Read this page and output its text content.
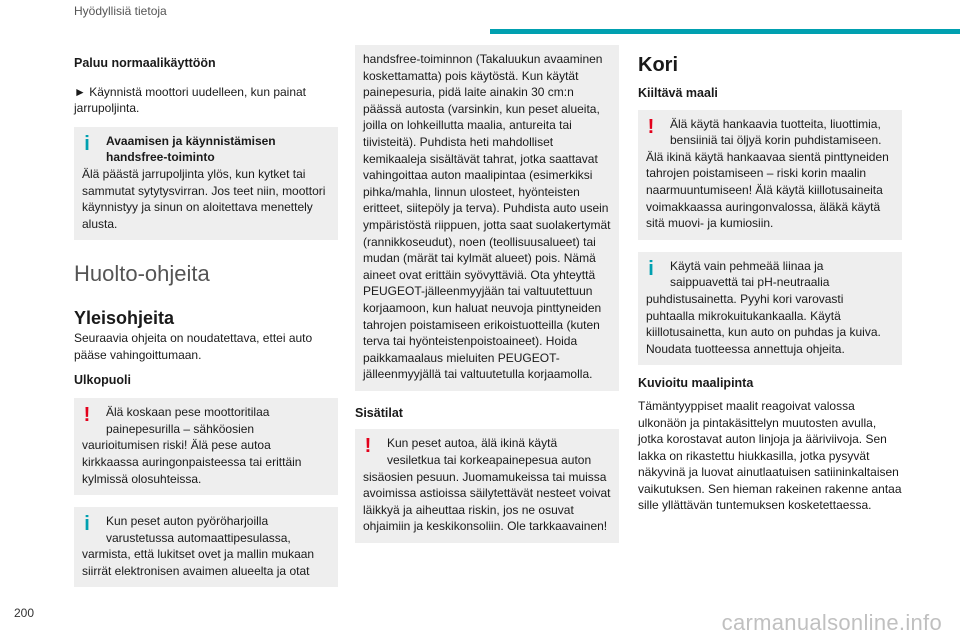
Hyödyllisiä tietoja

Paluu normaalikäyttöön

► Käynnistä moottori uudelleen, kun painat jarrupoljinta.

i	Avaamisen ja käynnistämisen
handsfree-toiminto

Älä päästä jarrupoljinta ylös, kun kytket tai sammutat sytytysvirran. Jos teet niin, moottori käynnistyy ja sinun on aloitettava menettely alusta.

Huolto-ohjeita

Yleisohjeita

Seuraavia ohjeita on noudatettava, ettei auto pääse vahingoittumaan.

Ulkopuoli

!	Älä koskaan pese moottoritilaa
painepesurilla – sähköosien

vaurioitumisen riski! Älä pese autoa kirkkaassa auringonpaisteessa tai erittäin kylmissä olosuhteissa.

i	Kun peset auton pyöröharjoilla
varustetussa automaattipesulassa,

varmista, että lukitset ovet ja mallin mukaan siirrät elektronisen avaimen alueelta ja otat

handsfree-toiminnon (Takaluukun avaaminen koskettamatta) pois käytöstä. Kun käytät painepesuria, pidä laite ainakin 30 cm:n päässä autosta (varsinkin, kun peset alueita, joilla on lohkeilluttа maalia, antureita tai tiivisteitä). Puhdista heti mahdolliset kemikaaleja sisältävät tahrat, jotka saattavat vahingoittaa auton maalipintaa (esimerkiksi pihka/mahla, linnun ulosteet, hyönteisten eritteet, siitepöly ja terva). Puhdista auto usein ympäristöstä riippuen, jotta saat suolakertymät (rannikkoseudut), noen (teollisuusalueet) tai mudan (märät tai kylmät alueet) pois. Nämä aineet ovat erittäin syövyttäviä. Ota yhteyttä PEUGEOT-jälleenmyyjään tai valtuutettuun korjaamoon, kun haluat neuvoja pinttyneiden tahrojen poistamiseen erikoistuotteilla (kuten terva tai hyönteistenpoistoaineet). Hoida paikkamaalaus mieluiten PEUGEOT-jälleenmyyjällä tai valtuutetulla korjaamolla.

Sisätilat

!	Kun peset autoa, älä ikinä käytä
vesiletkua tai korkeapainepesua auton

sisäosien pesuun. Juomamukeissa tai muissa avoimissa astioissa säilytettävät nesteet voivat läikkyä ja aiheuttaa riskin, jos ne osuvat ohjaimiin ja keskikonsoliin. Ole tarkkaavainen!

Kori

Kiiltävä maali

!	Älä käytä hankaavia tuotteita, liuottimia,
bensiiniä tai öljyä korin puhdistamiseen.

Älä ikinä käytä hankaavaa sientä pinttyneiden tahrojen poistamiseen – riski korin maalin naarmuuntumiseen! Älä käytä kiillotusaineita voimakkaassa auringonvalossa, äläkä käytä sitä muovi- ja kumiosiin.

i	Käytä vain pehmeää liinaa ja
saippuavettä tai pH-neutraalia

puhdistusainetta. Pyyhi kori varovasti puhtaalla mikrokuitukankaalla. Käytä kiillotusainetta, kun auto on puhdas ja kuiva. Noudata tuotteessa annettuja ohjeita.

Kuvioitu maalipinta

Tämäntyyppiset maalit reagoivat valossa ulkonäön ja pintakäsittelyn muutosten avulla, jotka korostavat auton linjoja ja ääriviivoja. Sen lakka on rikastettu hiukkasilla, jotka pysyvät näkyvinä ja luovat ainutlaatuisen satiininkaltaisen vaikutuksen. Sen hieman rakeinen rakenne antaa sille yllättävän tuntemuksen kosketettaessa.

200	carmanualsonline.info
